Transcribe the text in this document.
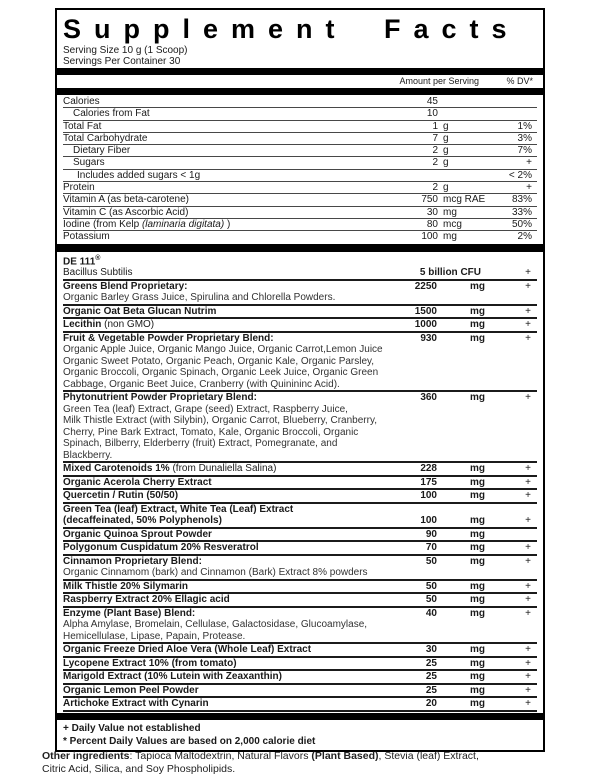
Supplement Facts
Serving Size 10 g (1 Scoop)
Servings Per Container 30
Amount per Serving	% DV*
Calories	45
Calories from Fat	10
Total Fat	1 g	1%
Total Carbohydrate	7 g	3%
Dietary Fiber	2 g	7%
Sugars	2 g	+
Includes added sugars < 1g	< 2%
Protein	2 g	+
Vitamin A (as beta-carotene)	750 mcg RAE	83%
Vitamin C (as Ascorbic Acid)	30 mg	33%
Iodine (from Kelp (laminaria digitata) )	80 mcg	50%
Potassium	100 mg	2%
DE 111®
Bacillus Subtilis	5 billion CFU	+
Greens Blend Proprietary:	2250	mg	+
Organic Barley Grass Juice, Spirulina and Chlorella Powders.
Organic Oat Beta Glucan Nutrim	1500	mg	+
Lecithin (non GMO)	1000	mg	+
Fruit & Vegetable Powder Proprietary Blend:	930	mg	+
Organic Apple Juice, Organic Mango Juice, Organic Carrot,Lemon Juice
Organic Sweet Potato, Organic Peach, Organic Kale, Organic Parsley,
Organic Broccoli, Organic Spinach, Organic Leek Juice, Organic Green
Cabbage, Organic Beet Juice, Cranberry (with Quinininc Acid).
Phytonutrient Powder Proprietary Blend:	360	mg	+
Green Tea (leaf) Extract, Grape (seed) Extract, Raspberry Juice,
Milk Thistle Extract (with Silybin), Organic Carrot, Blueberry, Cranberry,
Cherry, Pine Bark Extract, Tomato, Kale, Organic Broccoli, Organic
Spinach, Bilberry, Elderberry (fruit) Extract, Pomegranate, and
Blackberry.
Mixed Carotenoids 1% (from Dunaliella Salina)	228	mg	+
Organic Acerola Cherry Extract	175	mg	+
Quercetin / Rutin (50/50)	100	mg	+
Green Tea (leaf) Extract, White Tea (Leaf) Extract
(decaffeinated, 50% Polyphenols)	100	mg	+
Organic Quinoa Sprout Powder	90	mg
Polygonum Cuspidatum 20% Resveratrol	70	mg	+
Cinnamon Proprietary Blend:	50	mg	+
Organic Cinnamom (bark) and Cinnamon (Bark) Extract 8% powders
Milk Thistle 20% Silymarin	50	mg	+
Raspberry Extract 20% Ellagic acid	50	mg	+
Enzyme (Plant Base) Blend:	40	mg	+
Alpha Amylase, Bromelain, Cellulase, Galactosidase, Glucoamylase,
Hemicellulase, Lipase, Papain, Protease.
Organic Freeze Dried Aloe Vera (Whole Leaf) Extract	30	mg	+
Lycopene Extract 10% (from tomato)	25	mg	+
Marigold Extract (10% Lutein with Zeaxanthin)	25	mg	+
Organic Lemon Peel Powder	25	mg	+
Artichoke Extract with Cynarin	20	mg	+
+ Daily Value not established
* Percent Daily Values are based on 2,000 calorie diet
Other ingredients: Tapioca Maltodextrin, Natural Flavors (Plant Based), Stevia (leaf) Extract,
Citric Acid, Silica, and Soy Phospholipids.
